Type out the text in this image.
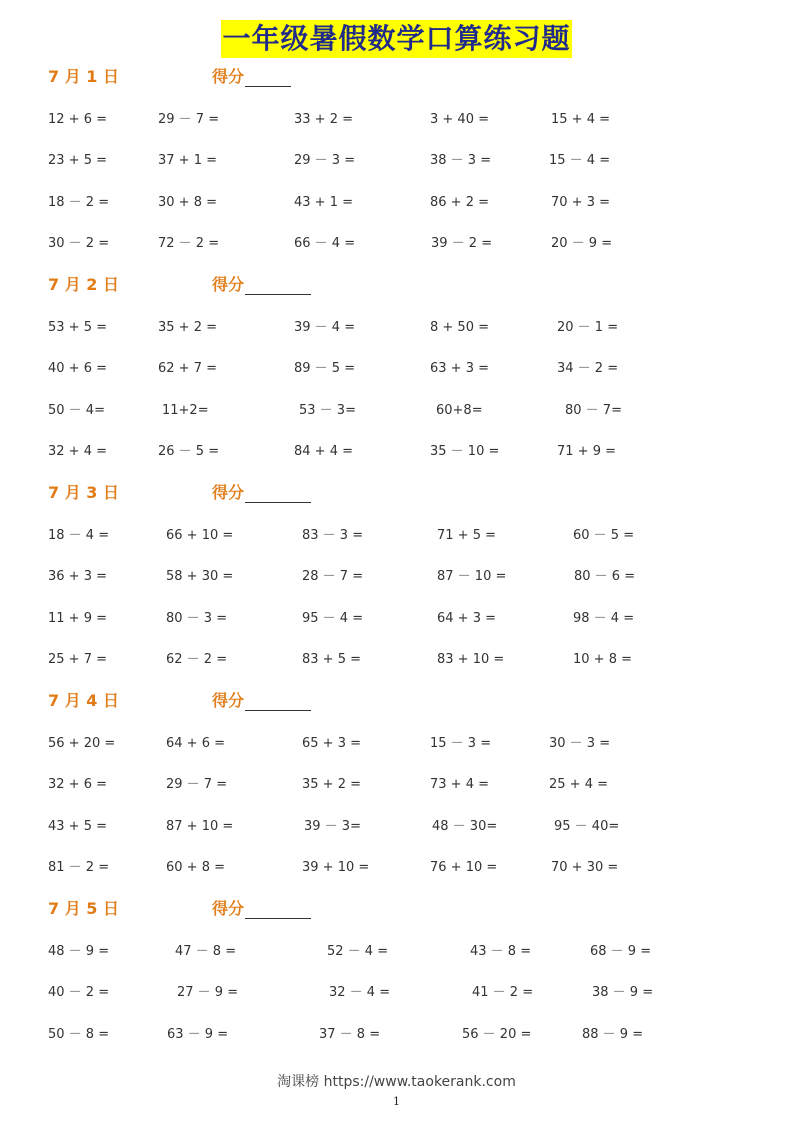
一年级暑假数学口算练习题
7 月 1 日	得分
12 + 6 =	29 － 7 =	33 + 2 =	3 + 40 =	15 + 4 =
23 + 5 =	37 + 1 =	29 － 3 =	38 － 3 =	15 － 4 =
18 － 2 =	30 + 8 =	43 + 1 =	86 + 2 =	70 + 3 =
30 － 2 =	72 － 2 =	66 － 4 =	39 － 2 =	20 － 9 =
7 月 2 日	得分
53 + 5 =	35 + 2 =	39 － 4 =	8 + 50 =	20 － 1 =
40 + 6 =	62 + 7 =	89 － 5 =	63 + 3 =	34 － 2 =
50 － 4=	11+2=	53 － 3=	60+8=	80 － 7=
32 + 4 =	26 － 5 =	84 + 4 =	35 － 10 =	71 + 9 =
7 月 3 日	得分
18 － 4 =	66 + 10 =	83 － 3 =	71 + 5 =	60 － 5 =
36 + 3 =	58 + 30 =	28 － 7 =	87 － 10 =	80 － 6 =
11 + 9 =	80 － 3 =	95 － 4 =	64 + 3 =	98 － 4 =
25 + 7 =	62 － 2 =	83 + 5 =	83 + 10 =	10 + 8 =
7 月 4 日	得分
56 + 20 =	64 + 6 =	65 + 3 =	15 － 3 =	30 － 3 =
32 + 6 =	29 － 7 =	35 + 2 =	73 + 4 =	25 + 4 =
43 + 5 =	87 + 10 =	39 － 3=	48 － 30=	95 － 40=
81 － 2 =	60 + 8 =	39 + 10 =	76 + 10 =	70 + 30 =
7 月 5 日	得分
48 － 9 =	47 － 8 =	52 － 4 =	43 － 8 =	68 － 9 =
40 － 2 =	27 － 9 =	32 － 4 =	41 － 2 =	38 － 9 =
50 － 8 =	63 － 9 =	37 － 8 =	56 － 20 =	88 － 9 =
淘课榜 https://www.taokerank.com
1
